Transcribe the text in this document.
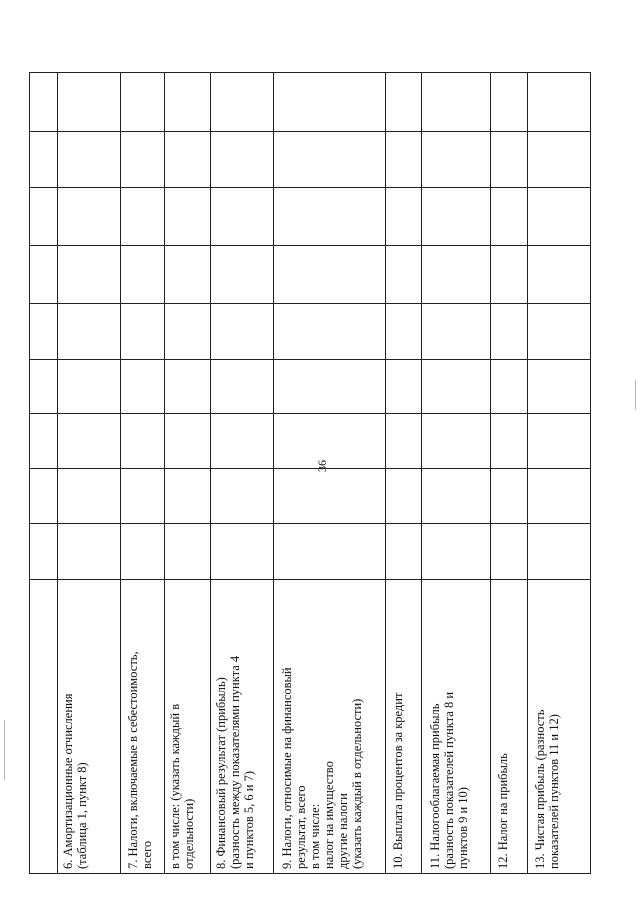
36
6. Амортизационные отчисления
(таблица 1, пункт 8)
7. Налоги, включаемые в себестоимость,
всего в том числе: (указать каждый в
отдельности) 8. Финансовый результат (прибыль)
(разность между показателями пункта 4
и пунктов 5, 6 и 7)
9. Налоги, относимые на финансовый
результат, всего
в том числе:
налог на имущество
другие налоги
(указать каждый в отдельности) 10. Выплата процентов за кредит 11. Налогооблагаемая прибыль
(разность показателей пункта 8 и
пунктов 9 и 10) 12. Налог на прибыль 13. Чистая прибыль (разность
показателей пунктов 11 и 12)
